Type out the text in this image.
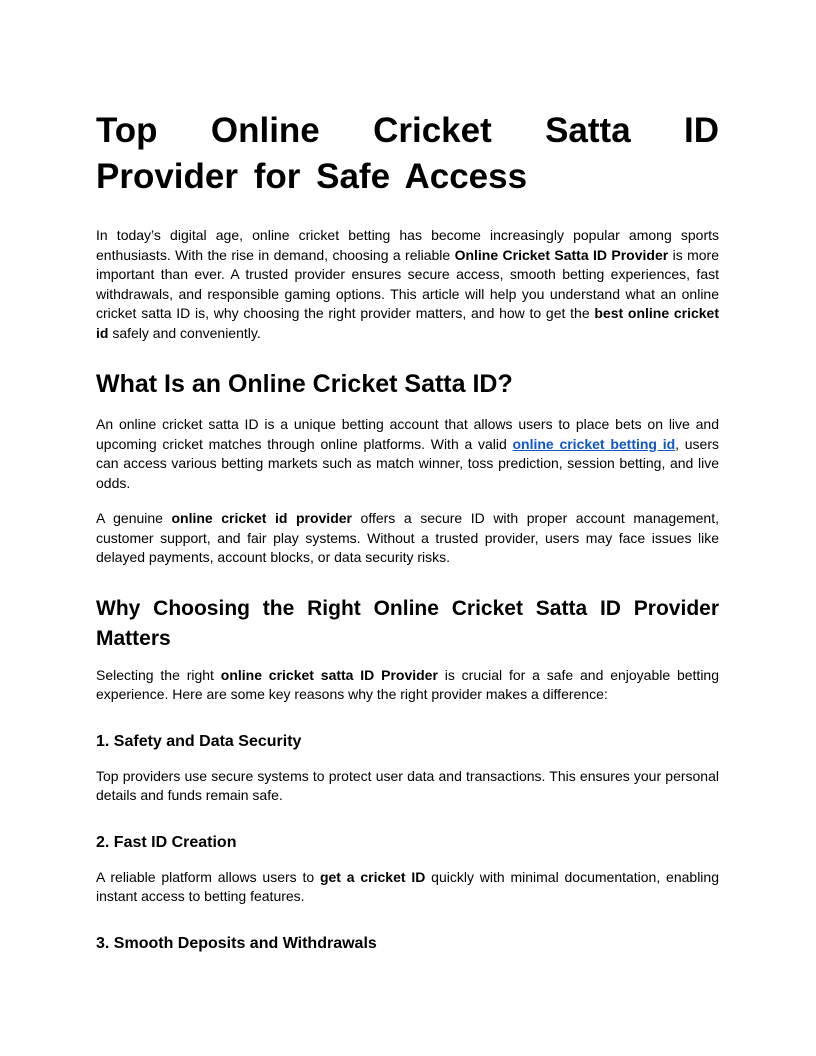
Top Online Cricket Satta ID Provider for Safe Access

In today’s digital age, online cricket betting has become increasingly popular among sports enthusiasts. With the rise in demand, choosing a reliable Online Cricket Satta ID Provider is more important than ever. A trusted provider ensures secure access, smooth betting experiences, fast withdrawals, and responsible gaming options. This article will help you understand what an online cricket satta ID is, why choosing the right provider matters, and how to get the best online cricket id safely and conveniently.

What Is an Online Cricket Satta ID?

An online cricket satta ID is a unique betting account that allows users to place bets on live and upcoming cricket matches through online platforms. With a valid online cricket betting id, users can access various betting markets such as match winner, toss prediction, session betting, and live odds.

A genuine online cricket id provider offers a secure ID with proper account management, customer support, and fair play systems. Without a trusted provider, users may face issues like delayed payments, account blocks, or data security risks.

Why Choosing the Right Online Cricket Satta ID Provider Matters

Selecting the right online cricket satta ID Provider is crucial for a safe and enjoyable betting experience. Here are some key reasons why the right provider makes a difference:

1. Safety and Data Security

Top providers use secure systems to protect user data and transactions. This ensures your personal details and funds remain safe.

2. Fast ID Creation

A reliable platform allows users to get a cricket ID quickly with minimal documentation, enabling instant access to betting features.

3. Smooth Deposits and Withdrawals
